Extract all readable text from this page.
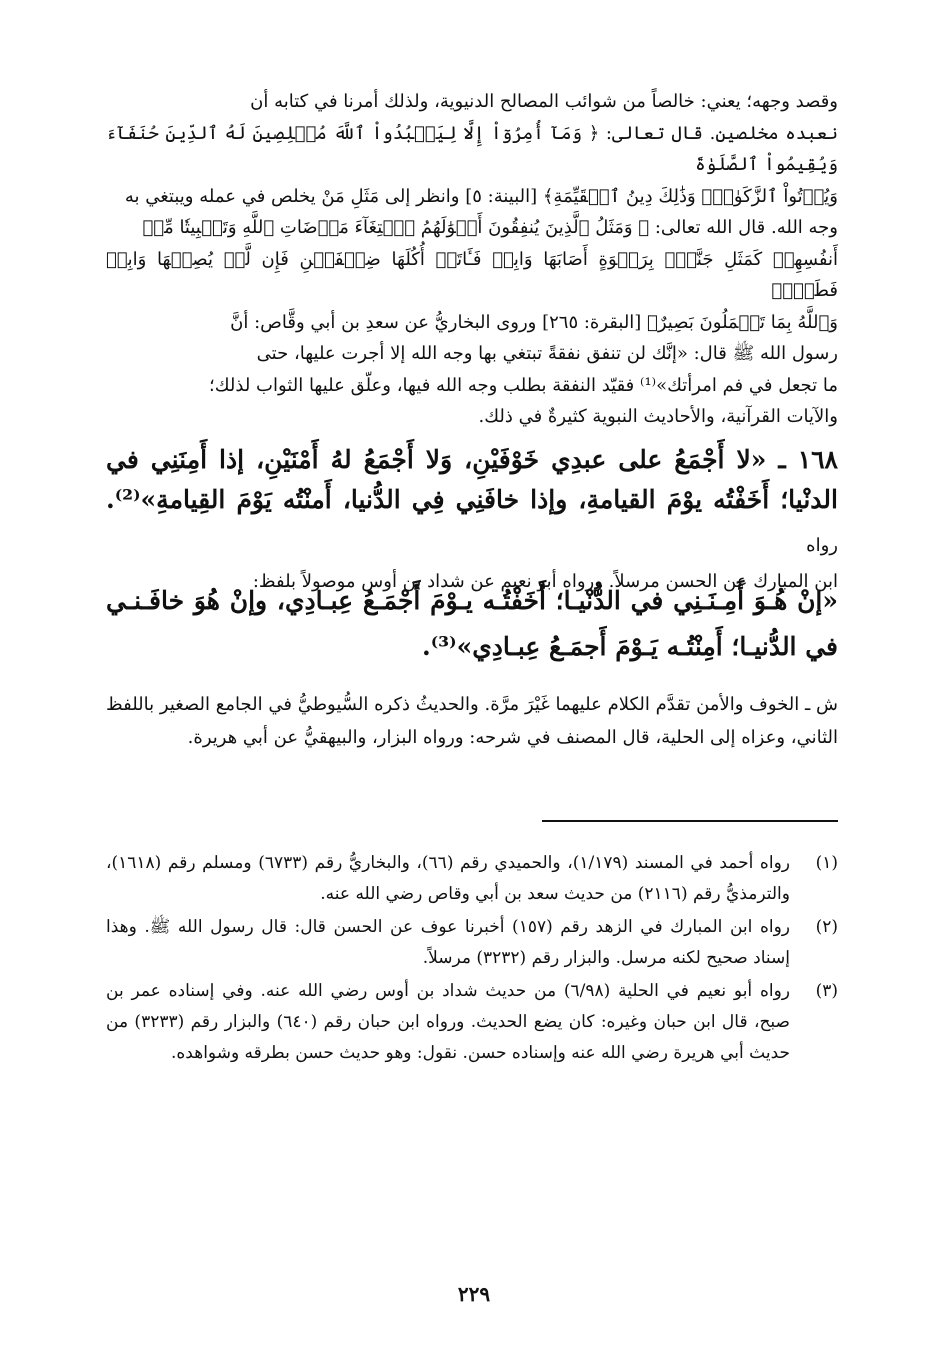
وقصد وجهه؛ يعني: خالصاً من شوائب المصالح الدنيوية، ولذلك أمرنا في كتابه أن

نعبده مخلصين. قال تعالى: ﴿ وَمَآ أُمِرُوٓاْ إِلَّا لِيَعۡبُدُواْ ٱللَّهَ مُخۡلِصِينَ لَهُ ٱلدِّينَ حُنَفَآءَ وَيُقِيمُواْ ٱلصَّلَوٰةَ

وَيُؤۡتُواْ ٱلزَّكَوٰةَۚ وَذَٰلِكَ دِينُ ٱلۡقَيِّمَةِ﴾ [البينة: ٥] وانظر إلى مَثَلِ مَنْ يخلص في عمله ويبتغي به

وجه الله. قال الله تعالى: ﴿ وَمَثَلُ ٱلَّذِينَ يُنفِقُونَ أَمۡوَٰلَهُمُ ٱبۡتِغَآءَ مَرۡضَاتِ ٱللَّهِ وَتَثۡبِيتٗا مِّنۡ

أَنفُسِهِمۡ كَمَثَلِ جَنَّةِۭ بِرَبۡوَةٍ أَصَابَهَا وَابِلٞ فَـَٔاتَتۡ أُكُلَهَا ضِعۡفَيۡنِ فَإِن لَّمۡ يُصِبۡهَا وَابِلٞ فَطَلّٞۗ

وَٱللَّهُ بِمَا تَعۡمَلُونَ بَصِيرٌ﴾ [البقرة: ٢٦٥] وروى البخاريُّ عن سعدِ بن أبي وقَّاص: أنَّ

رسول الله ﷺ قال: «إنَّك لن تنفق نفقةً تبتغي بها وجه الله إلا أجرت عليها، حتى

ما تجعل في فم امرأتك»⁽¹⁾ فقيّد النفقة بطلب وجه الله فيها، وعلّق عليها الثواب لذلك؛

والآيات القرآنية، والأحاديث النبوية كثيرةٌ في ذلك.

١٦٨ ـ «لا أَجْمَعُ على عبدِي خَوْفَيْنِ، وَلا أَجْمَعُ لهُ أَمْنَيْنِ، إذا أَمِنَنِي في الدنْيا؛ أَخَفْتُه يوْمَ القيامةِ، وإذا خافَنِي فِي الدُّنيا، أَمنْتُه يَوْمَ القِيامةِ»⁽²⁾. رواه
ابن المبارك عن الحسن مرسلاً. ورواه أبو نعيم عن شداد بن أوس موصولاً بلفظ:
«إنْ هُـوَ أَمِـنَـنِي في الدُّنْيـا؛ أَخَفْتُـه يـوْمَ أَجْمَـعُ عِبـادِي، وإنْ هُوَ خافَـنـي في الدُّنيـا؛ أَمِنْتُـه يَـوْمَ أَجمَـعُ عِبـادِي»⁽³⁾.
ش ـ الخوف والأمن تقدَّم الكلام عليهما غَيْرَ مرَّة. والحديثُ ذكره السُّيوطيُّ في الجامع الصغير باللفظ الثاني، وعزاه إلى الحلية، قال المصنف في شرحه: ورواه البزار، والبيهقيُّ عن أبي هريرة.
(١)
رواه أحمد في المسند (١/١٧٩)، والحميدي رقم (٦٦)، والبخاريُّ رقم (٦٧٣٣) ومسلم رقم (١٦١٨)، والترمذيُّ رقم (٢١١٦) من حديث سعد بن أبي وقاص رضي الله عنه.
(٢)
رواه ابن المبارك في الزهد رقم (١٥٧) أخبرنا عوف عن الحسن قال: قال رسول الله ﷺ. وهذا إسناد صحيح لكنه مرسل. والبزار رقم (٣٢٣٢) مرسلاً.
(٣)
رواه أبو نعيم في الحلية (٦/٩٨) من حديث شداد بن أوس رضي الله عنه. وفي إسناده عمر بن صبح، قال ابن حبان وغيره: كان يضع الحديث. ورواه ابن حبان رقم (٦٤٠) والبزار رقم (٣٢٣٣) من حديث أبي هريرة رضي الله عنه وإسناده حسن. نقول: وهو حديث حسن بطرقه وشواهده.
٢٢٩
